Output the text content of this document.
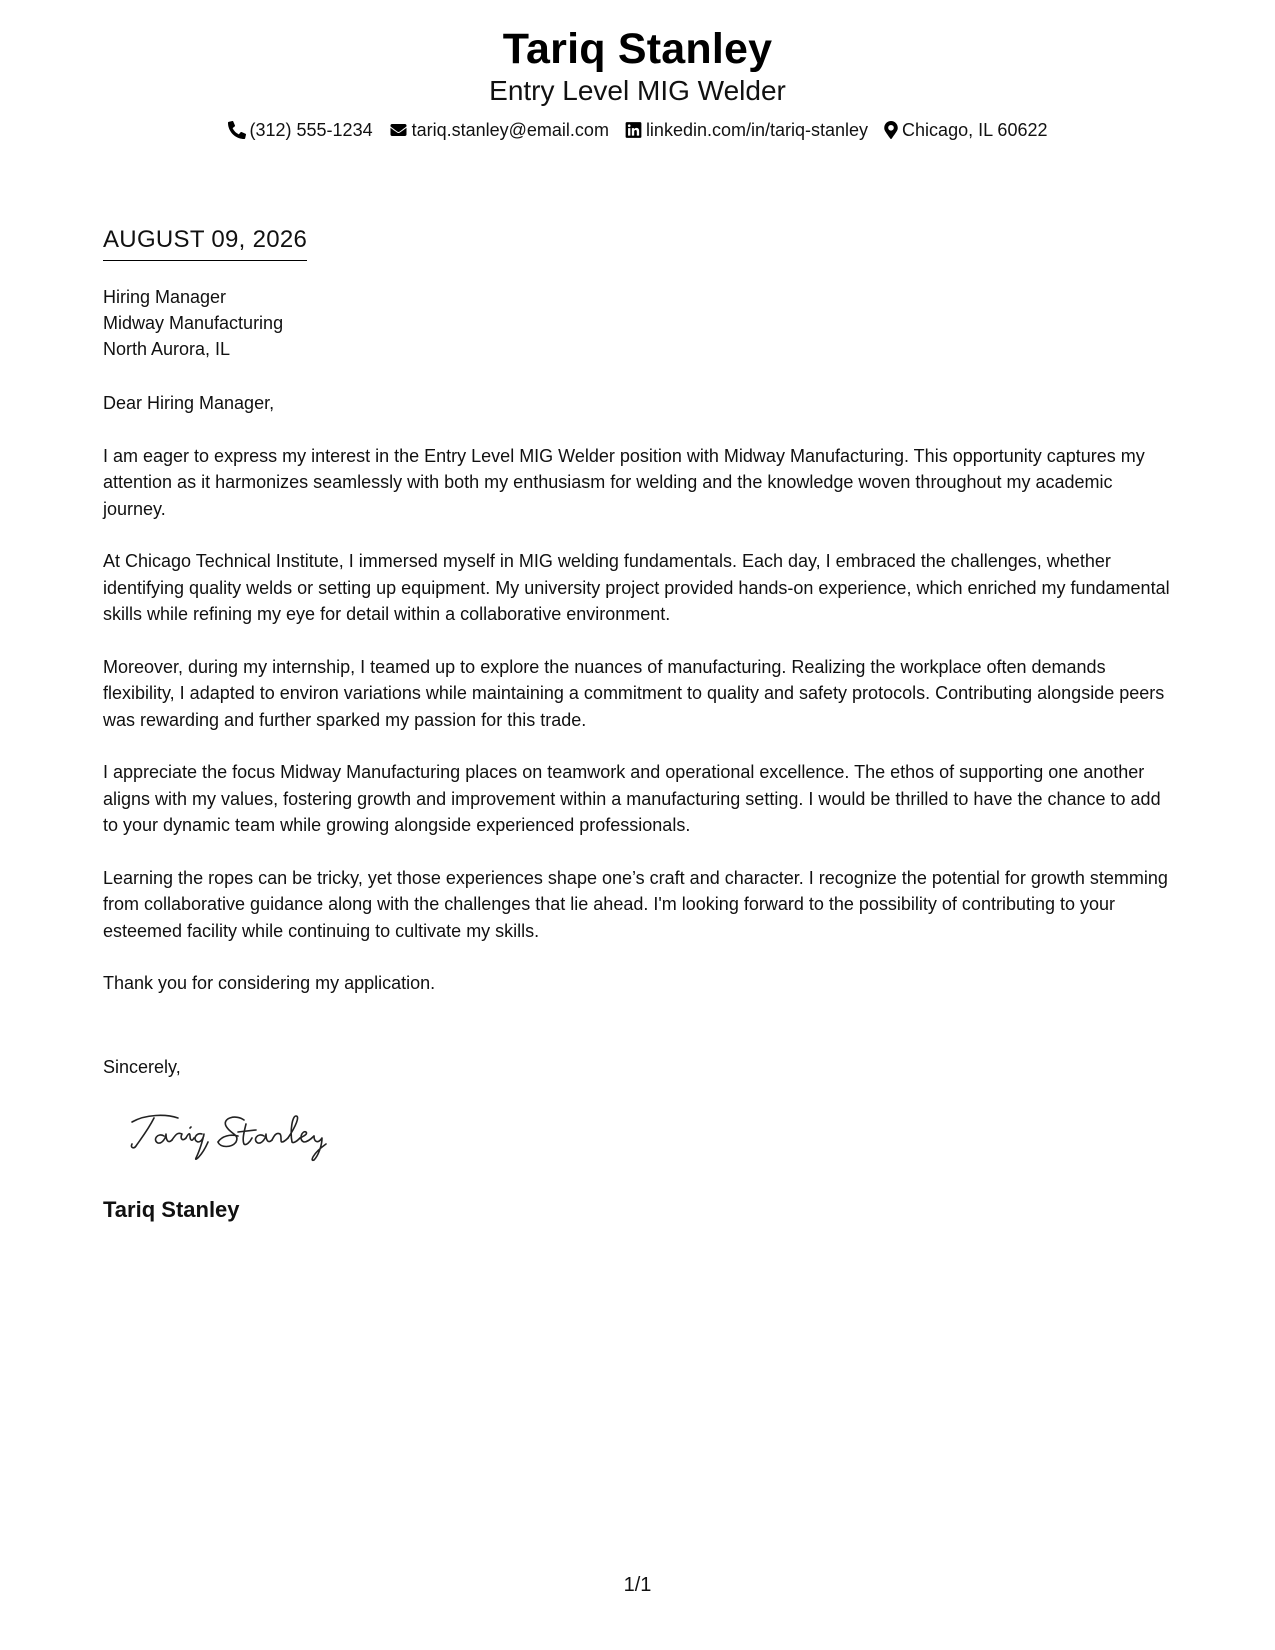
Tariq Stanley
Entry Level MIG Welder
(312) 555-1234 tariq.stanley@email.com linkedin.com/in/tariq-stanley Chicago, IL 60622
AUGUST 09, 2026
Hiring Manager
Midway Manufacturing
North Aurora, IL

Dear Hiring Manager,

I am eager to express my interest in the Entry Level MIG Welder position with Midway Manufacturing. This opportunity captures my attention as it harmonizes seamlessly with both my enthusiasm for welding and the knowledge woven throughout my academic journey.

At Chicago Technical Institute, I immersed myself in MIG welding fundamentals. Each day, I embraced the challenges, whether identifying quality welds or setting up equipment. My university project provided hands-on experience, which enriched my fundamental skills while refining my eye for detail within a collaborative environment.

Moreover, during my internship, I teamed up to explore the nuances of manufacturing. Realizing the workplace often demands flexibility, I adapted to environ variations while maintaining a commitment to quality and safety protocols. Contributing alongside peers was rewarding and further sparked my passion for this trade.

I appreciate the focus Midway Manufacturing places on teamwork and operational excellence. The ethos of supporting one another aligns with my values, fostering growth and improvement within a manufacturing setting. I would be thrilled to have the chance to add to your dynamic team while growing alongside experienced professionals.

Learning the ropes can be tricky, yet those experiences shape one’s craft and character. I recognize the potential for growth stemming from collaborative guidance along with the challenges that lie ahead. I'm looking forward to the possibility of contributing to your esteemed facility while continuing to cultivate my skills.

Thank you for considering my application.

Sincerely,
Tariq Stanley
1/1
